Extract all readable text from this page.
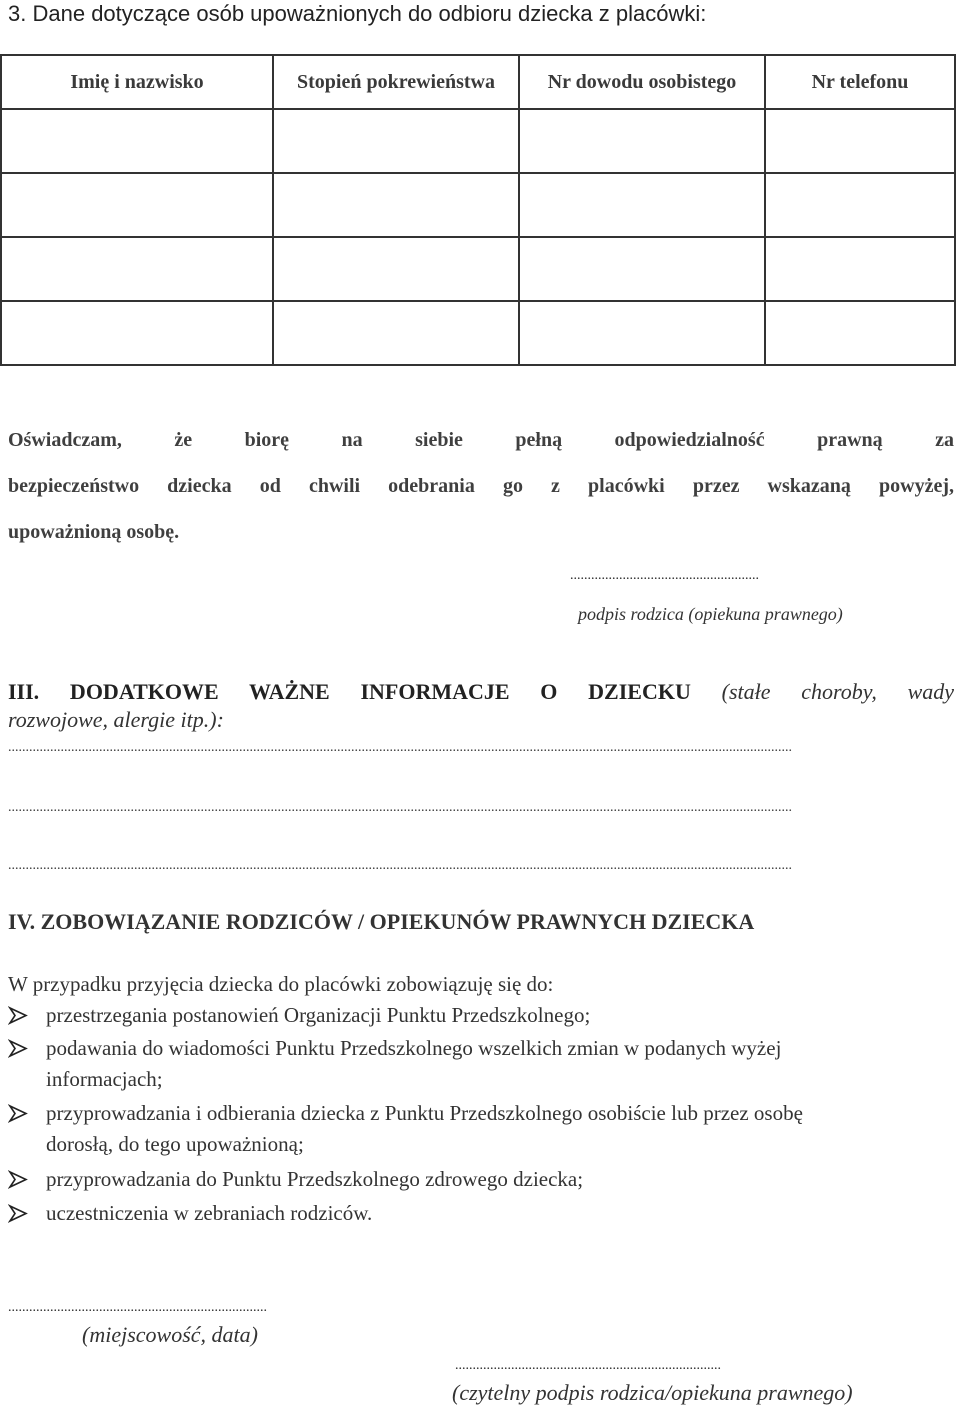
3. Dane dotyczące osób upoważnionych do odbioru dziecka z placówki:
Imię i nazwisko	Stopień pokrewieństwa	Nr dowodu osobistego	Nr telefonu

Oświadczam, że biorę na siebie pełną odpowiedzialność prawną za
bezpieczeństwo dziecka od chwili odebrania go z placówki przez wskazaną powyżej,
upoważnioną osobę.
......................................................
podpis rodzica (opiekuna prawnego)
III. DODATKOWE WAŻNE INFORMACJE O DZIECKU (stałe choroby, wady
rozwojowe, alergie itp.):
................................................................................................................................................................................................................................
................................................................................................................................................................................................................................
................................................................................................................................................................................................................................
IV. ZOBOWIĄZANIE RODZICÓW / OPIEKUNÓW PRAWNYCH DZIECKA
W przypadku przyjęcia dziecka do placówki zobowiązuję się do:
przestrzegania postanowień Organizacji Punktu Przedszkolnego;
podawania do wiadomości Punktu Przedszkolnego wszelkich zmian w podanych wyżej
informacjach;
przyprowadzania i odbierania dziecka z Punktu Przedszkolnego osobiście lub przez osobę
dorosłą, do tego upoważnioną;
przyprowadzania do Punktu Przedszkolnego zdrowego dziecka;
uczestniczenia w zebraniach rodziców.
..........................................................................
(miejscowość, data)
............................................................................
(czytelny podpis rodzica/opiekuna prawnego)
